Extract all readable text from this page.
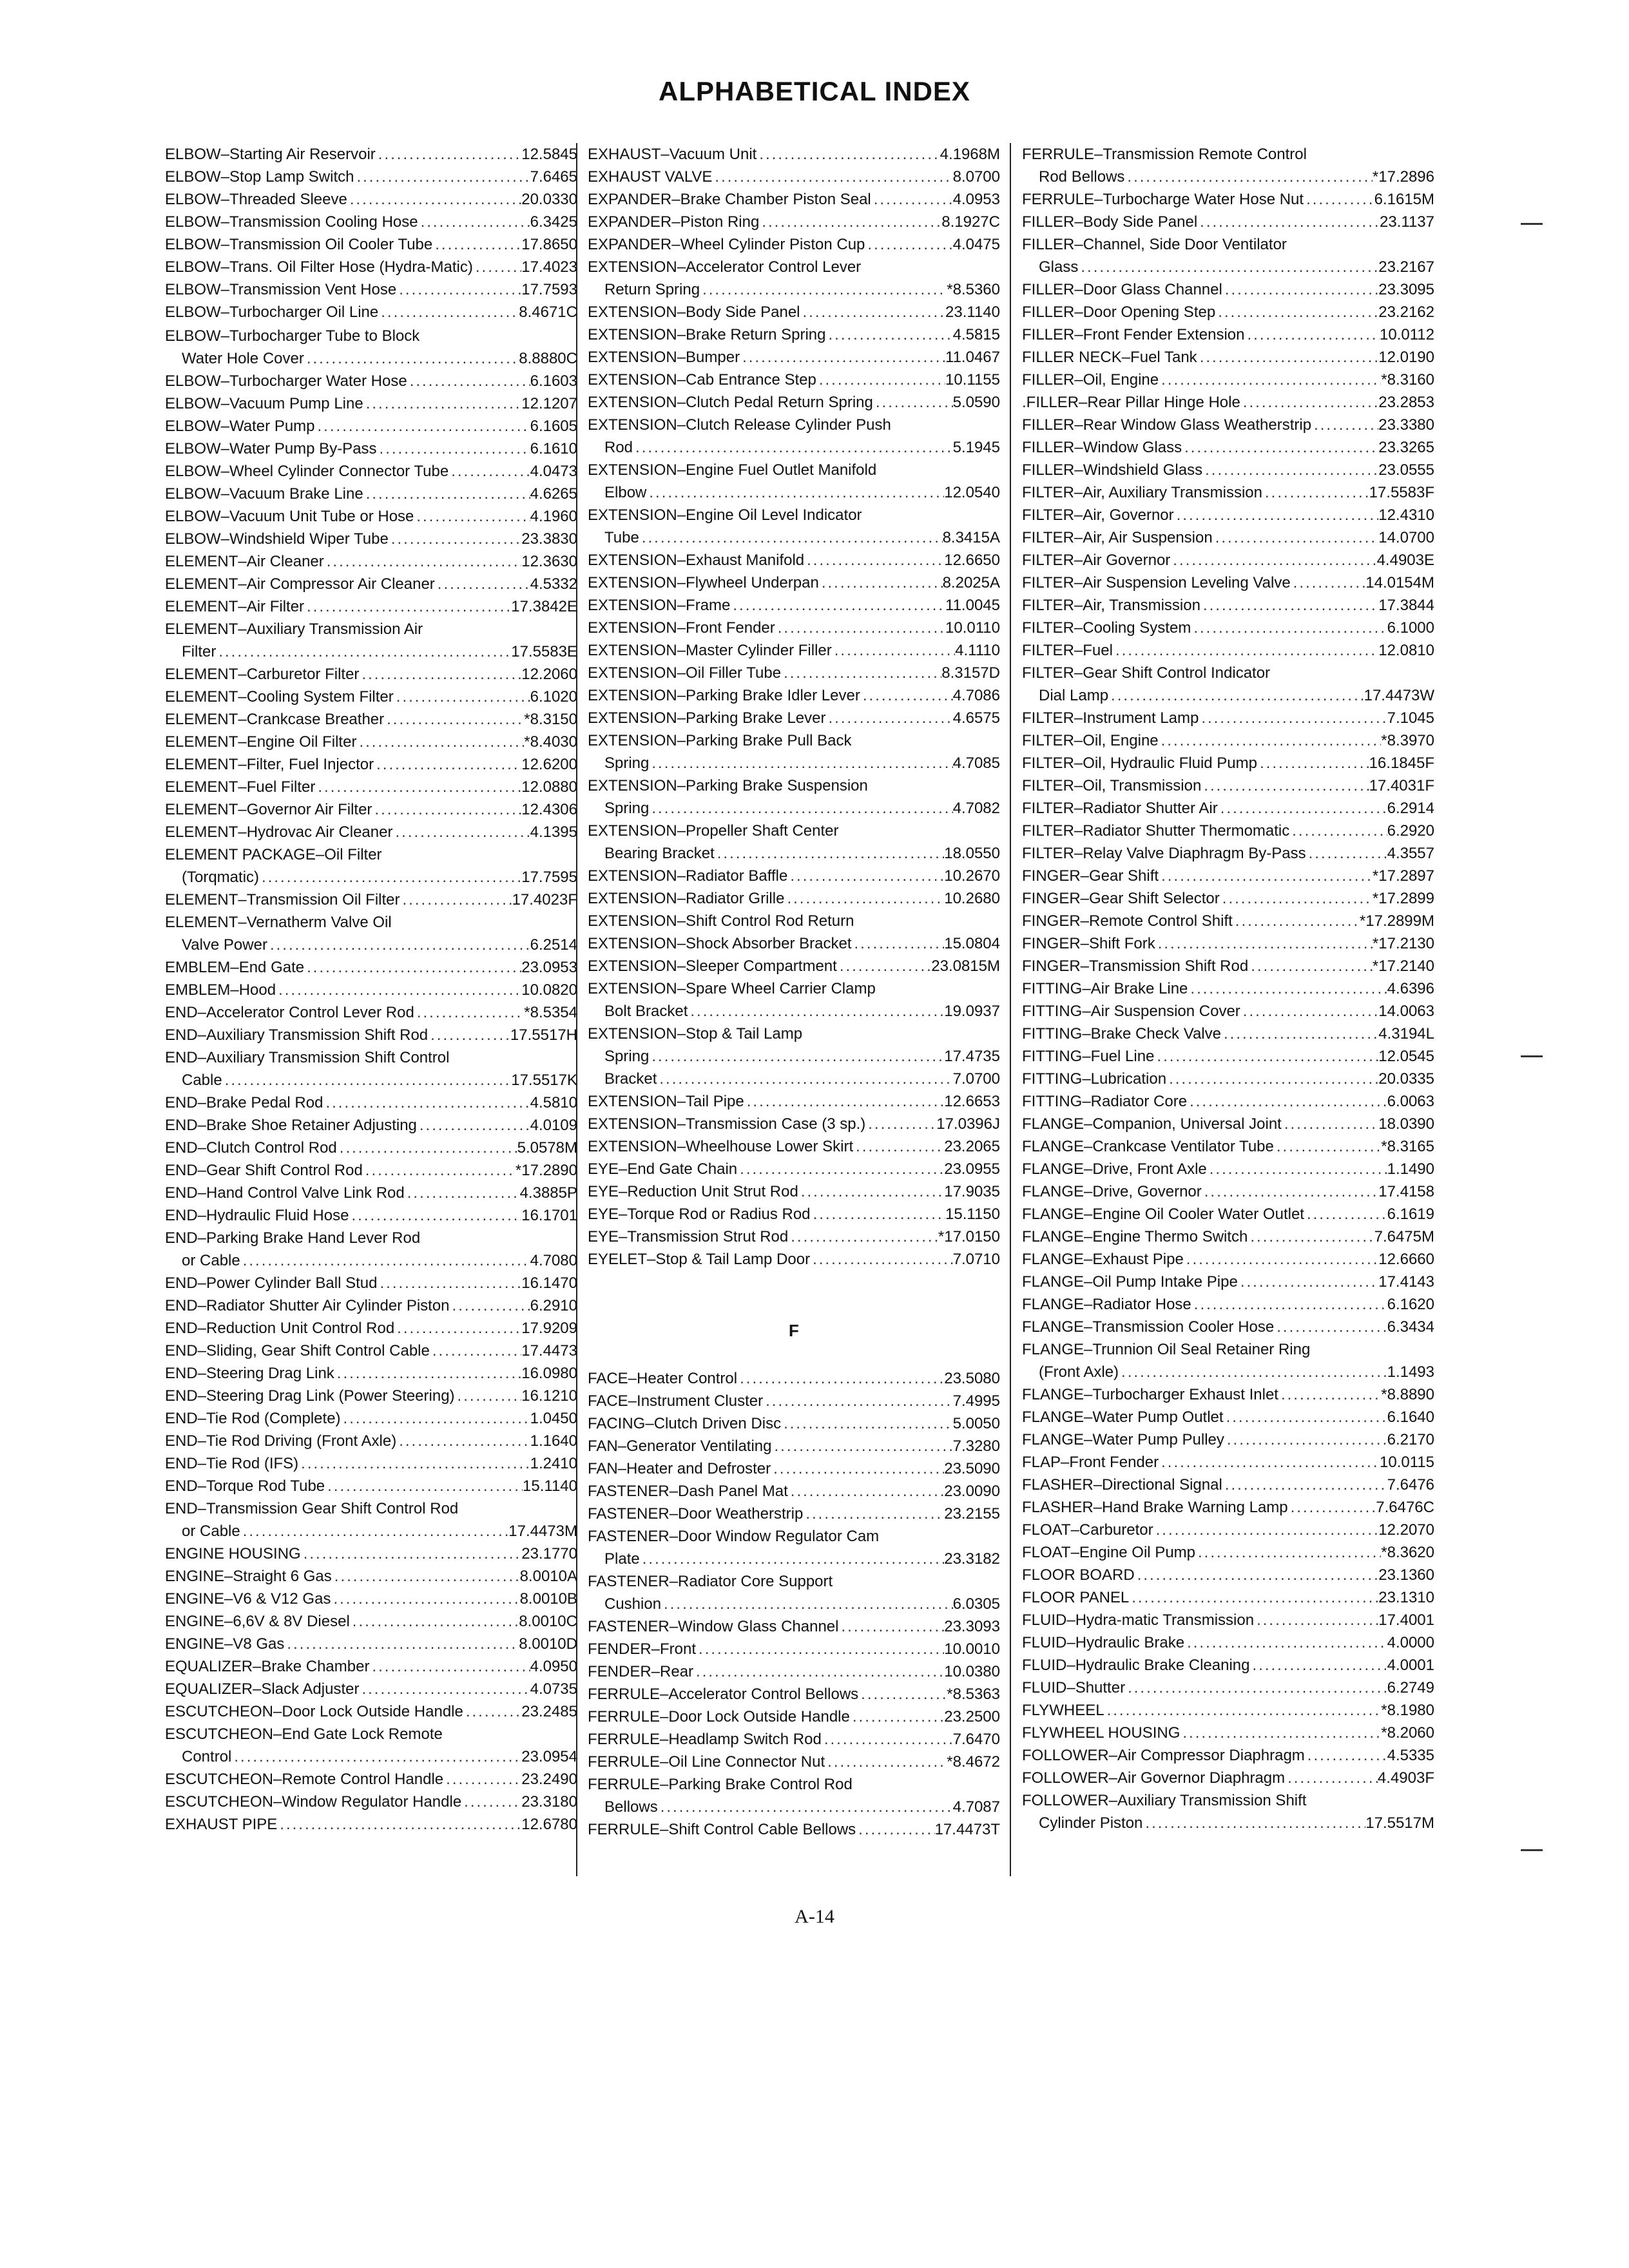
ALPHABETICAL INDEX
ELBOW–Starting Air Reservoir .....	12.5845
ELBOW–Stop Lamp Switch .....	7.6465
ELBOW–Threaded Sleeve .....	20.0330
ELBOW–Transmission Cooling Hose .....	6.3425
ELBOW–Transmission Oil Cooler Tube .....	17.8650
ELBOW–Trans. Oil Filter Hose (Hydra-Matic) .....	17.4023
ELBOW–Transmission Vent Hose .....	17.7593
ELBOW–Turbocharger Oil Line .....	8.4671C
ELBOW–Turbocharger Tube to Block
Water Hole Cover .....	8.8880C
ELBOW–Turbocharger Water Hose .....	6.1603
ELBOW–Vacuum Pump Line .....	12.1207
ELBOW–Water Pump .....	6.1605
ELBOW–Water Pump By-Pass .....	6.1610
ELBOW–Wheel Cylinder Connector Tube .....	4.0473
ELBOW–Vacuum Brake Line .....	4.6265
ELBOW–Vacuum Unit Tube or Hose .....	4.1960
ELBOW–Windshield Wiper Tube .....	23.3830
ELEMENT–Air Cleaner .....	12.3630
ELEMENT–Air Compressor Air Cleaner .....	4.5332
ELEMENT–Air Filter .....	17.3842E
ELEMENT–Auxiliary Transmission Air
Filter .....	17.5583E
ELEMENT–Carburetor Filter .....	12.2060
ELEMENT–Cooling System Filter .....	6.1020
ELEMENT–Crankcase Breather .....	*8.3150
ELEMENT–Engine Oil Filter .....	*8.4030
ELEMENT–Filter, Fuel Injector .....	12.6200
ELEMENT–Fuel Filter .....	12.0880
ELEMENT–Governor Air Filter .....	12.4306
ELEMENT–Hydrovac Air Cleaner .....	4.1395
ELEMENT PACKAGE–Oil Filter
(Torqmatic) .....	17.7595
ELEMENT–Transmission Oil Filter .....	17.4023F
ELEMENT–Vernatherm Valve Oil
Valve Power .....	6.2514
EMBLEM–End Gate .....	23.0953
EMBLEM–Hood .....	10.0820
END–Accelerator Control Lever Rod .....	*8.5354
END–Auxiliary Transmission Shift Rod .....	17.5517H
END–Auxiliary Transmission Shift Control
Cable .....	17.5517K
END–Brake Pedal Rod .....	4.5810
END–Brake Shoe Retainer Adjusting .....	4.0109
END–Clutch Control Rod .....	5.0578M
END–Gear Shift Control Rod .....	*17.2890
END–Hand Control Valve Link Rod .....	4.3885P
END–Hydraulic Fluid Hose .....	16.1701
END–Parking Brake Hand Lever Rod
or Cable .....	4.7080
END–Power Cylinder Ball Stud .....	16.1470
END–Radiator Shutter Air Cylinder Piston .....	6.2910
END–Reduction Unit Control Rod .....	17.9209
END–Sliding, Gear Shift Control Cable .....	17.4473
END–Steering Drag Link .....	16.0980
END–Steering Drag Link (Power Steering) .....	16.1210
END–Tie Rod (Complete) .....	1.0450
END–Tie Rod Driving (Front Axle) .....	1.1640
END–Tie Rod (IFS) .....	1.2410
END–Torque Rod Tube .....	15.1140
END–Transmission Gear Shift Control Rod
or Cable .....	17.4473M
ENGINE HOUSING .....	23.1770
ENGINE–Straight 6 Gas .....	8.0010A
ENGINE–V6 & V12 Gas .....	8.0010B
ENGINE–6,6V & 8V Diesel .....	8.0010C
ENGINE–V8 Gas .....	8.0010D
EQUALIZER–Brake Chamber .....	4.0950
EQUALIZER–Slack Adjuster .....	4.0735
ESCUTCHEON–Door Lock Outside Handle .....	23.2485
ESCUTCHEON–End Gate Lock Remote
Control .....	23.0954
ESCUTCHEON–Remote Control Handle .....	23.2490
ESCUTCHEON–Window Regulator Handle .....	23.3180
EXHAUST PIPE .....	12.6780
EXHAUST–Vacuum Unit .....	4.1968M
EXHAUST VALVE .....	8.0700
EXPANDER–Brake Chamber Piston Seal .....	4.0953
EXPANDER–Piston Ring .....	8.1927C
EXPANDER–Wheel Cylinder Piston Cup .....	4.0475
EXTENSION–Accelerator Control Lever
Return Spring .....	*8.5360
EXTENSION–Body Side Panel .....	23.1140
EXTENSION–Brake Return Spring .....	4.5815
EXTENSION–Bumper .....	11.0467
EXTENSION–Cab Entrance Step .....	10.1155
EXTENSION–Clutch Pedal Return Spring .....	5.0590
EXTENSION–Clutch Release Cylinder Push
Rod .....	5.1945
EXTENSION–Engine Fuel Outlet Manifold
Elbow .....	12.0540
EXTENSION–Engine Oil Level Indicator
Tube .....	8.3415A
EXTENSION–Exhaust Manifold .....	12.6650
EXTENSION–Flywheel Underpan .....	8.2025A
EXTENSION–Frame .....	11.0045
EXTENSION–Front Fender .....	10.0110
EXTENSION–Master Cylinder Filler .....	4.1110
EXTENSION–Oil Filler Tube .....	8.3157D
EXTENSION–Parking Brake Idler Lever .....	4.7086
EXTENSION–Parking Brake Lever .....	4.6575
EXTENSION–Parking Brake Pull Back
Spring .....	4.7085
EXTENSION–Parking Brake Suspension
Spring .....	4.7082
EXTENSION–Propeller Shaft Center
Bearing Bracket .....	18.0550
EXTENSION–Radiator Baffle .....	10.2670
EXTENSION–Radiator Grille .....	10.2680
EXTENSION–Shift Control Rod Return
EXTENSION–Shock Absorber Bracket .....	15.0804
EXTENSION–Sleeper Compartment .....	23.0815M
EXTENSION–Spare Wheel Carrier Clamp
Bolt Bracket .....	19.0937
EXTENSION–Stop & Tail Lamp
Spring .....	17.4735
Bracket .....	7.0700
EXTENSION–Tail Pipe .....	12.6653
EXTENSION–Transmission Case (3 sp.) .....	17.0396J
EXTENSION–Wheelhouse Lower Skirt .....	23.2065
EYE–End Gate Chain .....	23.0955
EYE–Reduction Unit Strut Rod .....	17.9035
EYE–Torque Rod or Radius Rod .....	15.1150
EYE–Transmission Strut Rod .....	*17.0150
EYELET–Stop & Tail Lamp Door .....	7.0710
FACE–Heater Control .....	23.5080
FACE–Instrument Cluster .....	7.4995
FACING–Clutch Driven Disc .....	5.0050
FAN–Generator Ventilating .....	7.3280
FAN–Heater and Defroster .....	23.5090
FASTENER–Dash Panel Mat .....	23.0090
FASTENER–Door Weatherstrip .....	23.2155
FASTENER–Door Window Regulator Cam
Plate .....	23.3182
FASTENER–Radiator Core Support
Cushion .....	6.0305
FASTENER–Window Glass Channel .....	23.3093
FENDER–Front .....	10.0010
FENDER–Rear .....	10.0380
FERRULE–Accelerator Control Bellows .....	*8.5363
FERRULE–Door Lock Outside Handle .....	23.2500
FERRULE–Headlamp Switch Rod .....	7.6470
FERRULE–Oil Line Connector Nut .....	*8.4672
FERRULE–Parking Brake Control Rod
Bellows .....	4.7087
FERRULE–Shift Control Cable Bellows .....	17.4473T
FERRULE–Transmission Remote Control
Rod Bellows .....	*17.2896
FERRULE–Turbocharge Water Hose Nut .....	6.1615M
FILLER–Body Side Panel .....	23.1137
FILLER–Channel, Side Door Ventilator
Glass .....	23.2167
FILLER–Door Glass Channel .....	23.3095
FILLER–Door Opening Step .....	23.2162
FILLER–Front Fender Extension .....	10.0112
FILLER NECK–Fuel Tank .....	12.0190
FILLER–Oil, Engine .....	*8.3160
.FILLER–Rear Pillar Hinge Hole .....	23.2853
FILLER–Rear Window Glass Weatherstrip .....	23.3380
FILLER–Window Glass .....	23.3265
FILLER–Windshield Glass .....	23.0555
FILTER–Air, Auxiliary Transmission .....	17.5583F
FILTER–Air, Governor .....	12.4310
FILTER–Air, Air Suspension .....	14.0700
FILTER–Air Governor .....	4.4903E
FILTER–Air Suspension Leveling Valve .....	14.0154M
FILTER–Air, Transmission .....	17.3844
FILTER–Cooling System .....	6.1000
FILTER–Fuel .....	12.0810
FILTER–Gear Shift Control Indicator
Dial Lamp .....	17.4473W
FILTER–Instrument Lamp .....	7.1045
FILTER–Oil, Engine .....	*8.3970
FILTER–Oil, Hydraulic Fluid Pump .....	16.1845F
FILTER–Oil, Transmission .....	17.4031F
FILTER–Radiator Shutter Air .....	6.2914
FILTER–Radiator Shutter Thermomatic .....	6.2920
FILTER–Relay Valve Diaphragm By-Pass .....	4.3557
FINGER–Gear Shift .....	*17.2897
FINGER–Gear Shift Selector .....	*17.2899
FINGER–Remote Control Shift .....	*17.2899M
FINGER–Shift Fork .....	*17.2130
FINGER–Transmission Shift Rod .....	*17.2140
FITTING–Air Brake Line .....	4.6396
FITTING–Air Suspension Cover .....	14.0063
FITTING–Brake Check Valve .....	4.3194L
FITTING–Fuel Line .....	12.0545
FITTING–Lubrication .....	20.0335
FITTING–Radiator Core .....	6.0063
FLANGE–Companion, Universal Joint .....	18.0390
FLANGE–Crankcase Ventilator Tube .....	*8.3165
FLANGE–Drive, Front Axle .....	1.1490
FLANGE–Drive, Governor .....	17.4158
FLANGE–Engine Oil Cooler Water Outlet .....	6.1619
FLANGE–Engine Thermo Switch .....	7.6475M
FLANGE–Exhaust Pipe .....	12.6660
FLANGE–Oil Pump Intake Pipe .....	17.4143
FLANGE–Radiator Hose .....	6.1620
FLANGE–Transmission Cooler Hose .....	6.3434
FLANGE–Trunnion Oil Seal Retainer Ring
(Front Axle) .....	1.1493
FLANGE–Turbocharger Exhaust Inlet .....	*8.8890
FLANGE–Water Pump Outlet .....	6.1640
FLANGE–Water Pump Pulley .....	6.2170
FLAP–Front Fender .....	10.0115
FLASHER–Directional Signal .....	7.6476
FLASHER–Hand Brake Warning Lamp .....	7.6476C
FLOAT–Carburetor .....	12.2070
FLOAT–Engine Oil Pump .....	*8.3620
FLOOR BOARD .....	23.1360
FLOOR PANEL .....	23.1310
FLUID–Hydra-matic Transmission .....	17.4001
FLUID–Hydraulic Brake .....	4.0000
FLUID–Hydraulic Brake Cleaning .....	4.0001
FLUID–Shutter .....	6.2749
FLYWHEEL .....	*8.1980
FLYWHEEL HOUSING .....	*8.2060
FOLLOWER–Air Compressor Diaphragm .....	4.5335
FOLLOWER–Air Governor Diaphragm .....	4.4903F
FOLLOWER–Auxiliary Transmission Shift
Cylinder Piston .....	17.5517M
F
A-14
